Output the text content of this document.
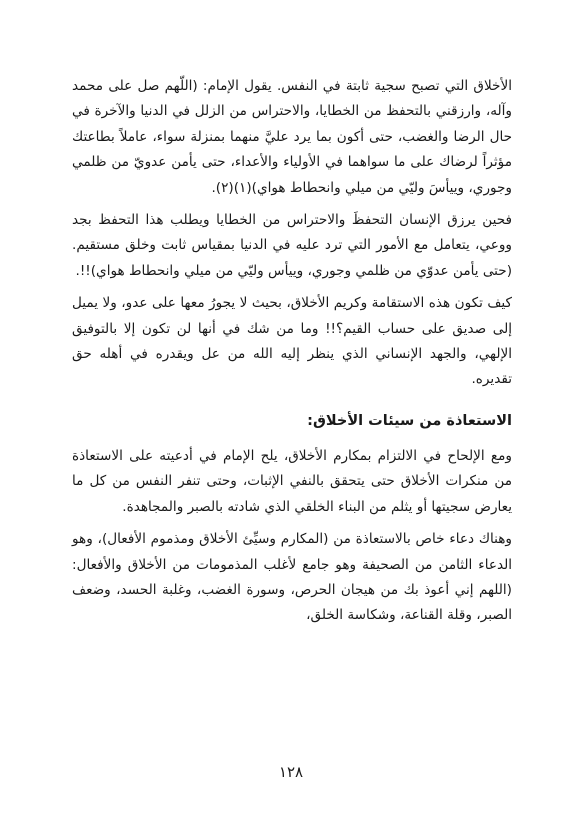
الأخلاق التي تصبح سجية ثابتة في النفس. يقول الإمام: (اللّهم صل على محمد وآله، وارزقني بالتحفظ من الخطايا، والاحتراس من الزلل في الدنيا والآخرة في حال الرضا والغضب، حتى أكون بما يرد عليَّ منهما بمنزلة سواء، عاملاً بطاعتك مؤثراً لرضاك على ما سواهما في الأولياء والأعداء، حتى يأمن عدويّ من ظلمي وجوري، وييأسَ وليّي من ميلي وانحطاط هواي)(١)(٢).

فحين يرزق الإنسان التحفظَ والاحتراس من الخطايا ويطلب هذا التحفظ بجد ووعي، يتعامل مع الأمور التي ترد عليه في الدنيا بمقياس ثابت وخلق مستقيم. (حتى يأمن عدوّي من ظلمي وجوري، وييأس وليّي من ميلي وانحطاط هواي)!!.

كيف تكون هذه الاستقامة وكريم الأخلاق، بحيث لا يجورُ معها على عدو، ولا يميل إلى صديق على حساب القيم؟!! وما من شك في أنها لن تكون إلا بالتوفيق الإلهي، والجهد الإنساني الذي ينظر إليه الله من عل ويقدره في أهله حق تقديره.

الاستعاذة من سيئات الأخلاق:

ومع الإلحاح في الالتزام بمكارم الأخلاق، يلح الإمام في أدعيته على الاستعاذة من منكرات الأخلاق حتى يتحقق بالنفي الإثبات، وحتى تنفر النفس من كل ما يعارض سجيتها أو يثلم من البناء الخلقي الذي شادته بالصبر والمجاهدة.

وهناك دعاء خاص بالاستعاذة من (المكارم وسيِّئ الأخلاق ومذموم الأفعال)، وهو الدعاء الثامن من الصحيفة وهو جامع لأغلب المذمومات من الأخلاق والأفعال: (اللهم إني أعوذ بك من هيجان الحرص، وسورة الغضب، وغلبة الحسد، وضعف الصبر، وقلة القناعة، وشكاسة الخلق،

١٢٨
